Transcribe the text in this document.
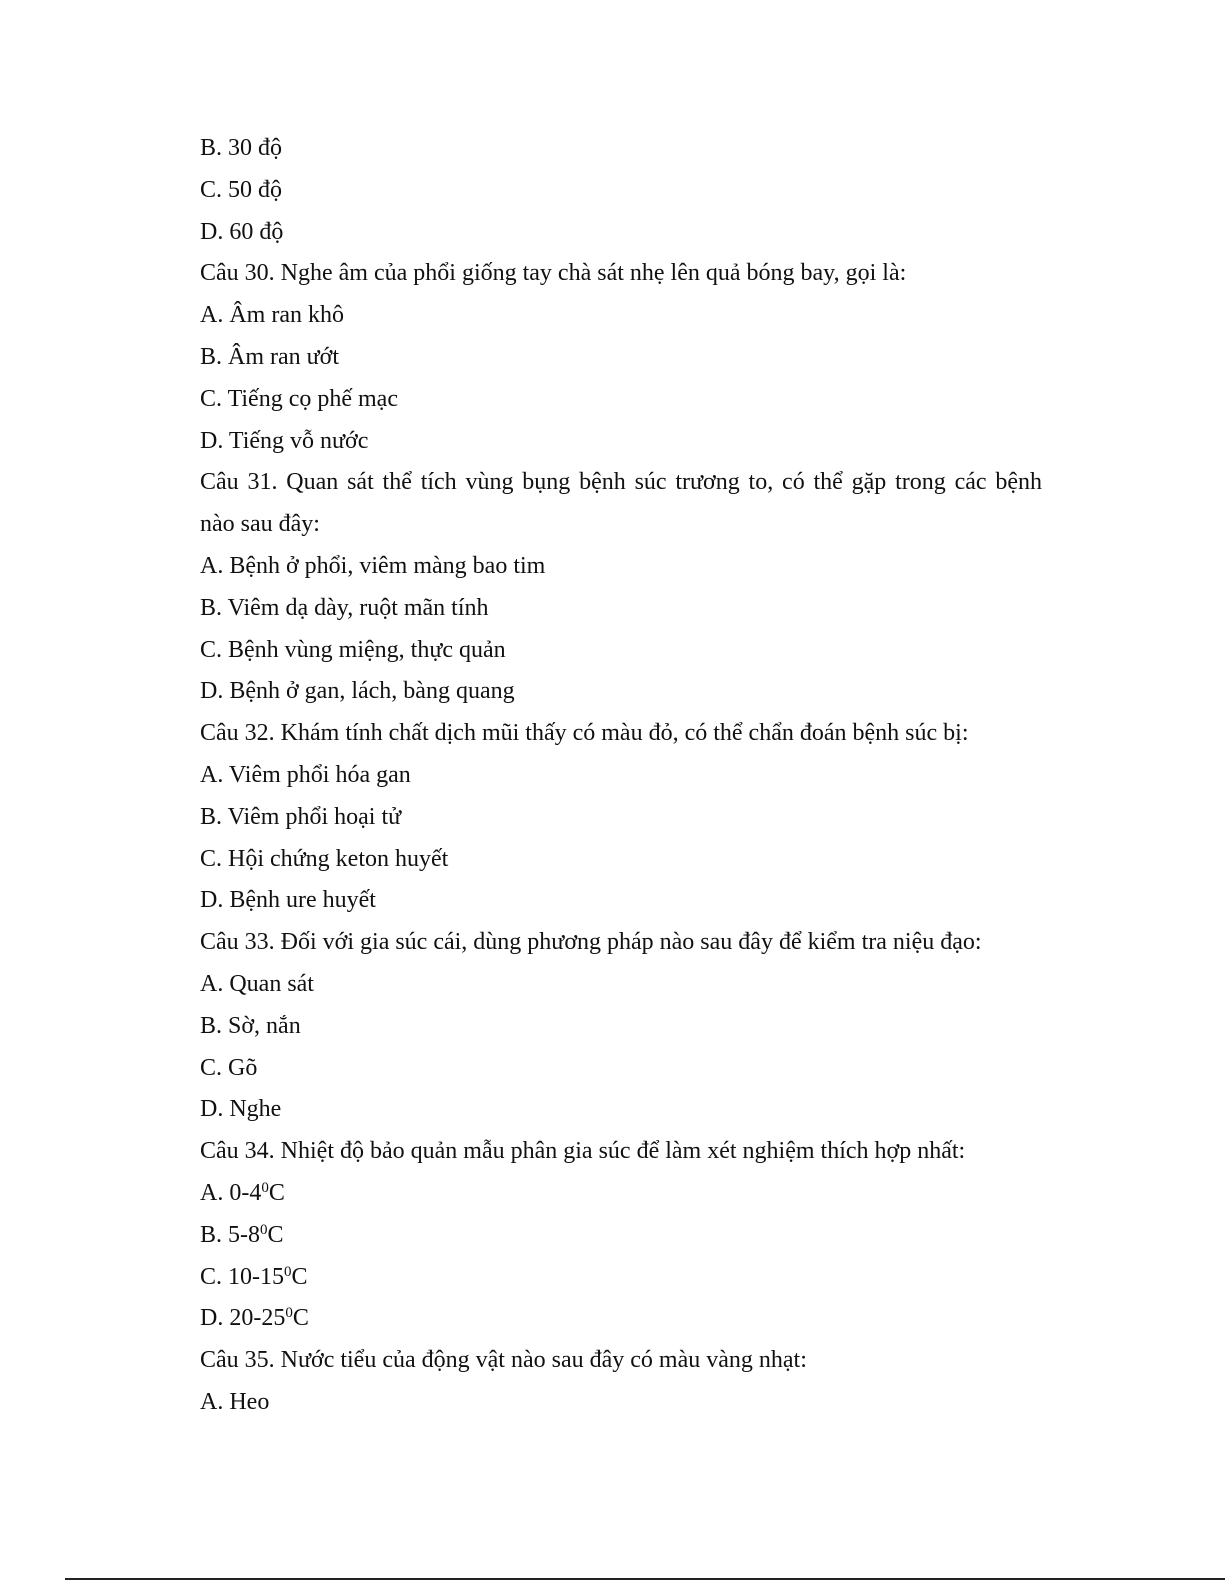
B. 30 độ
C. 50 độ
D. 60 độ
Câu 30. Nghe âm của phổi giống tay chà sát nhẹ lên quả bóng bay, gọi là:
A. Âm ran khô
B. Âm ran ướt
C. Tiếng cọ phế mạc
D. Tiếng vỗ nước
Câu 31. Quan sát thể tích vùng bụng bệnh súc trương to, có thể gặp trong các bệnh
nào sau đây:
A. Bệnh ở phổi, viêm màng bao tim
B. Viêm dạ dày, ruột mãn tính
C. Bệnh vùng miệng, thực quản
D. Bệnh ở gan, lách, bàng quang
Câu 32. Khám tính chất dịch mũi thấy có màu đỏ, có thể chẩn đoán bệnh súc bị:
A. Viêm phổi hóa gan
B. Viêm phổi hoại tử
C. Hội chứng keton huyết
D. Bệnh ure huyết
Câu 33. Đối với gia súc cái, dùng phương pháp nào sau đây để kiểm tra niệu đạo:
A. Quan sát
B. Sờ, nắn
C. Gõ
D. Nghe
Câu 34. Nhiệt độ bảo quản mẫu phân gia súc để làm xét nghiệm thích hợp nhất:
A. $0-4^0C$
B. $5-8^0C$
C. $10-15^0C$
D. $20-25^0C$
Câu 35. Nước tiểu của động vật nào sau đây có màu vàng nhạt:
A. Heo
